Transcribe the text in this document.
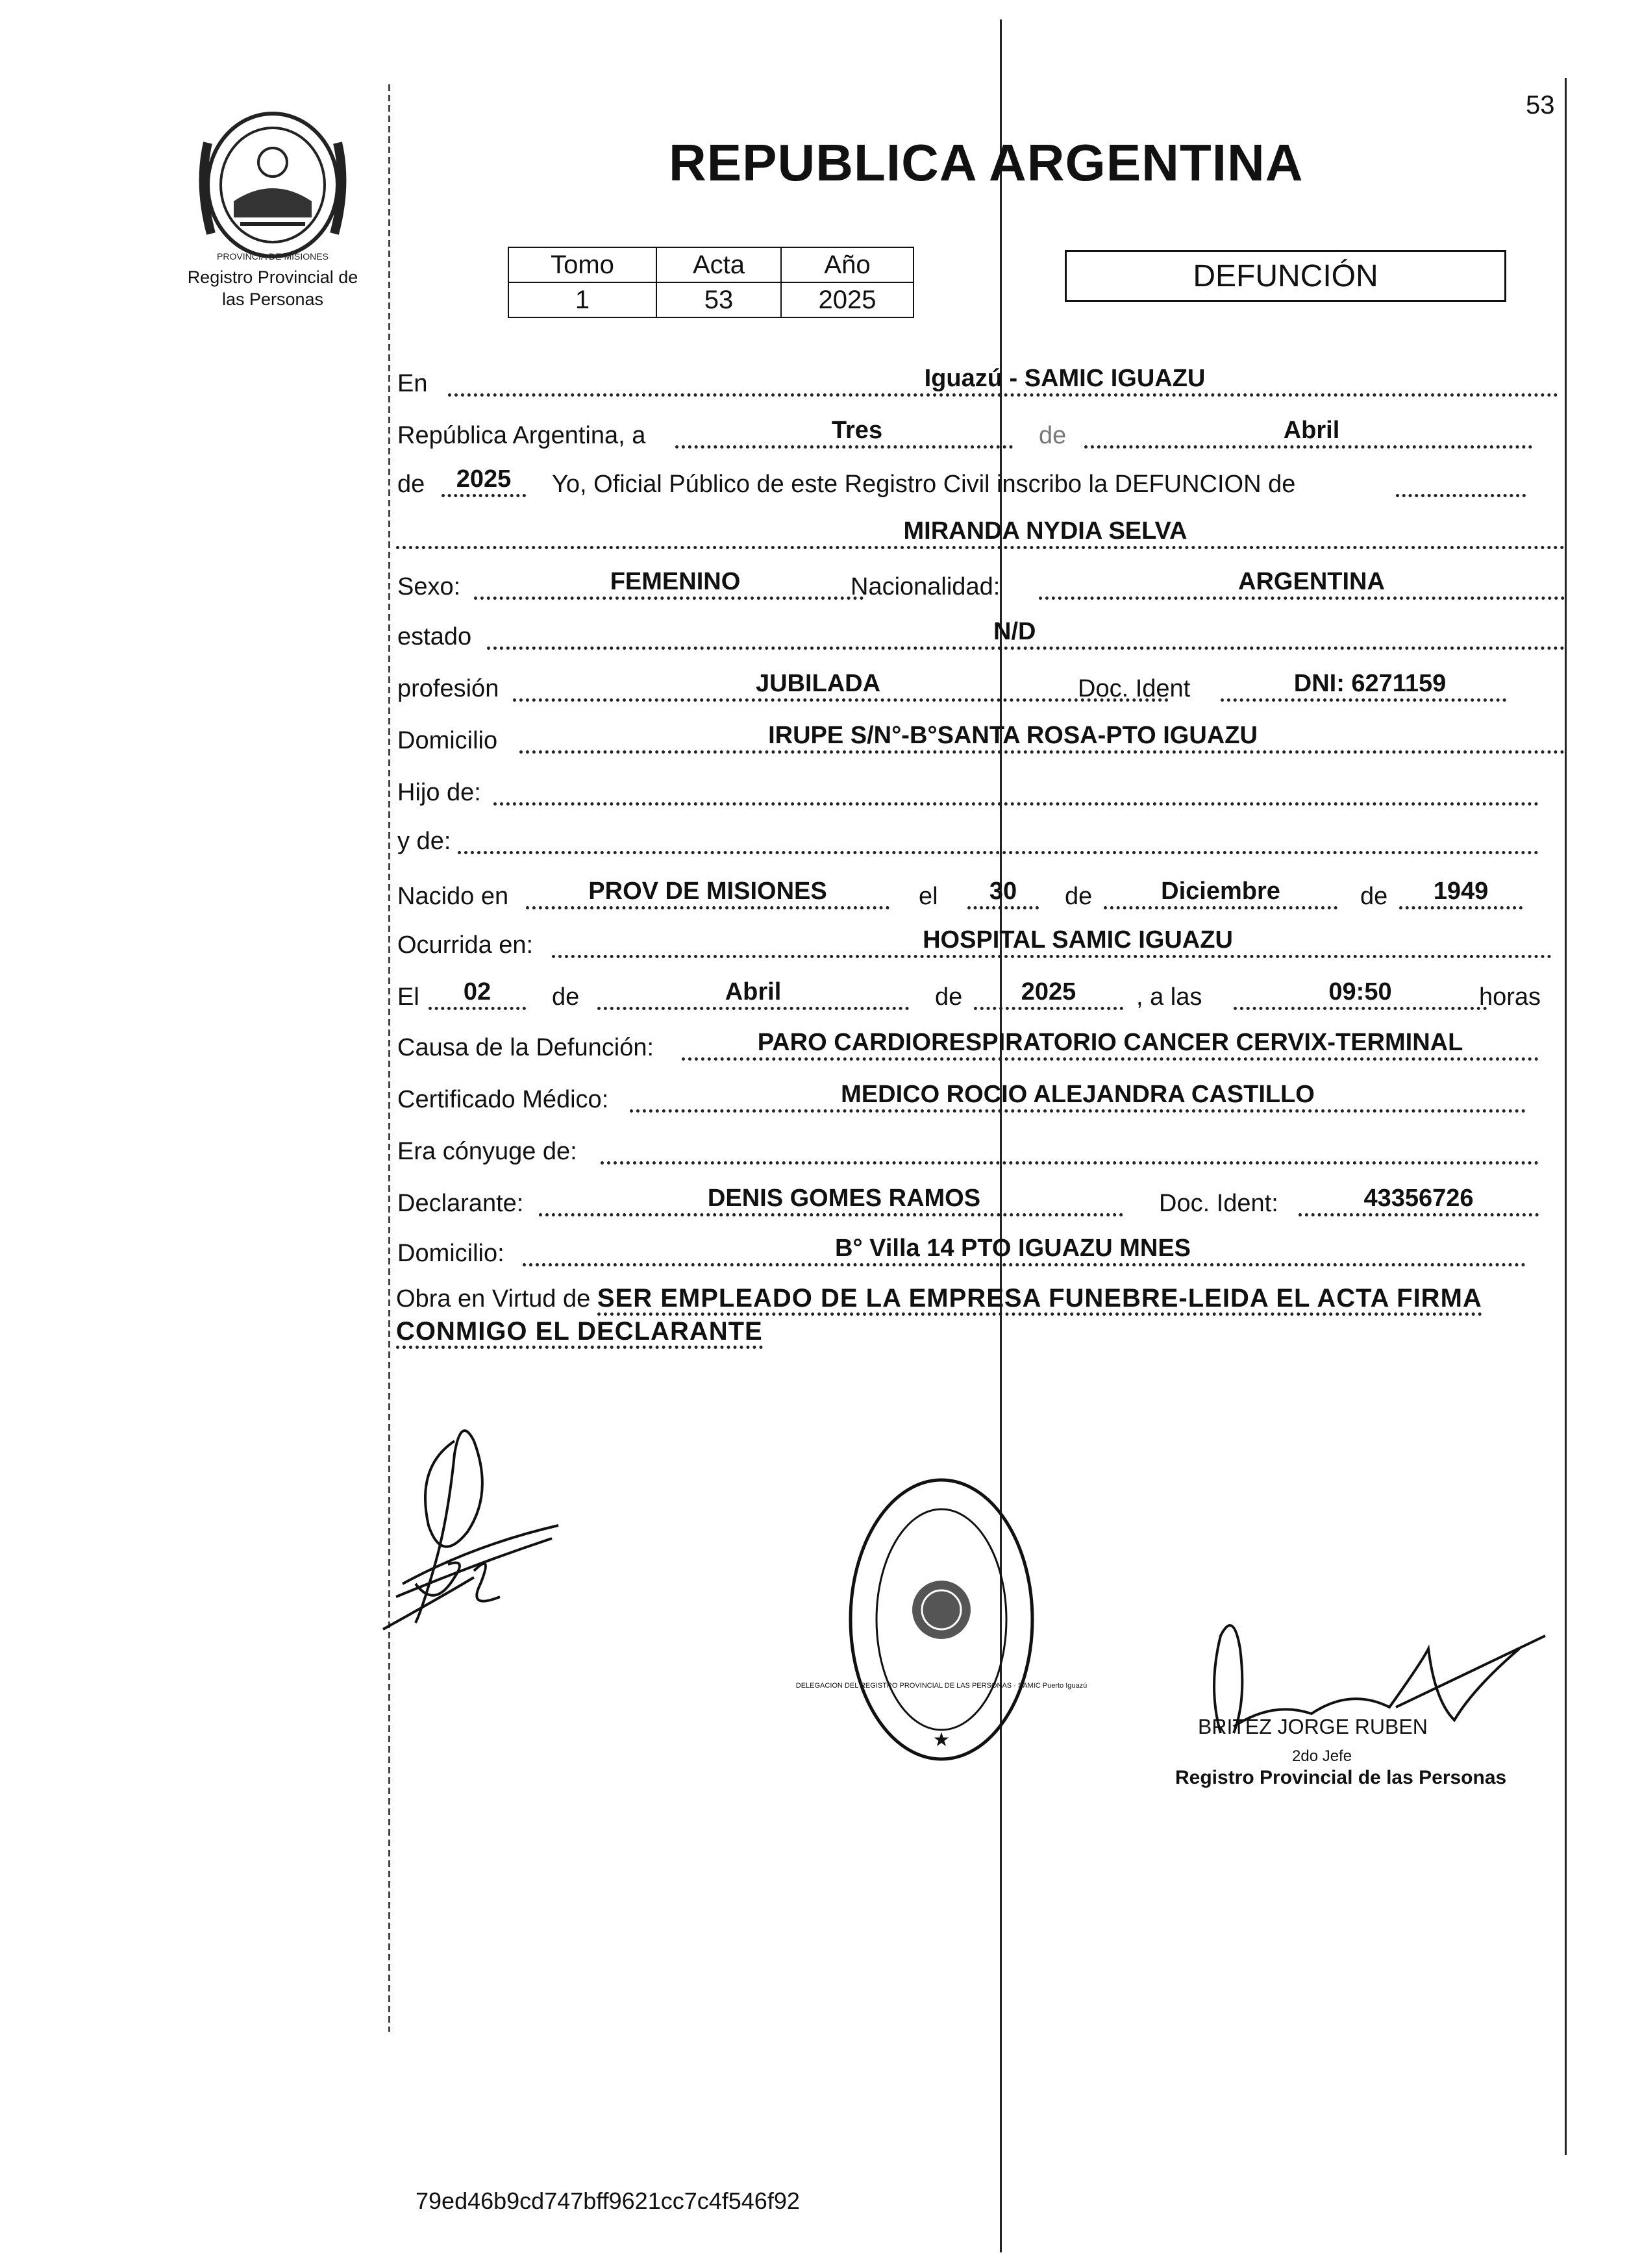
53
PROVINCIA DE MISIONES
Registro Provincial de
las Personas
REPUBLICA ARGENTINA
Tomo	Acta	Año
1	53	2025
DEFUNCIÓN
En	Iguazú - SAMIC IGUAZU
República Argentina, a	Tres	de	Abril
de	2025	Yo, Oficial Público de este Registro Civil inscribo la DEFUNCION de
MIRANDA NYDIA SELVA
Sexo:	FEMENINO	Nacionalidad:	ARGENTINA
estado	N/D
profesión	JUBILADA	Doc. Ident	DNI: 6271159
Domicilio	IRUPE S/N°-B°SANTA ROSA-PTO IGUAZU
Hijo de:
y de:
Nacido en	PROV DE MISIONES	el	30	de	Diciembre	de	1949
Ocurrida en:	HOSPITAL SAMIC IGUAZU
El	02	de	Abril	de	2025	, a las	09:50	horas
Causa de la Defunción:	PARO CARDIORESPIRATORIO CANCER CERVIX-TERMINAL
Certificado Médico:	MEDICO ROCIO ALEJANDRA CASTILLO
Era cónyuge de:
Declarante:	DENIS GOMES RAMOS	Doc. Ident:	43356726
Domicilio:	B° Villa 14 PTO IGUAZU MNES
Obra en Virtud de SER EMPLEADO DE LA EMPRESA FUNEBRE-LEIDA EL ACTA FIRMA CONMIGO EL DECLARANTE
DELEGACION DEL REGISTRO PROVINCIAL DE LAS PERSONAS · SAMIC Puerto Iguazú
★
BRITEZ JORGE RUBEN
2do Jefe
Registro Provincial de las Personas
79ed46b9cd747bff9621cc7c4f546f92
